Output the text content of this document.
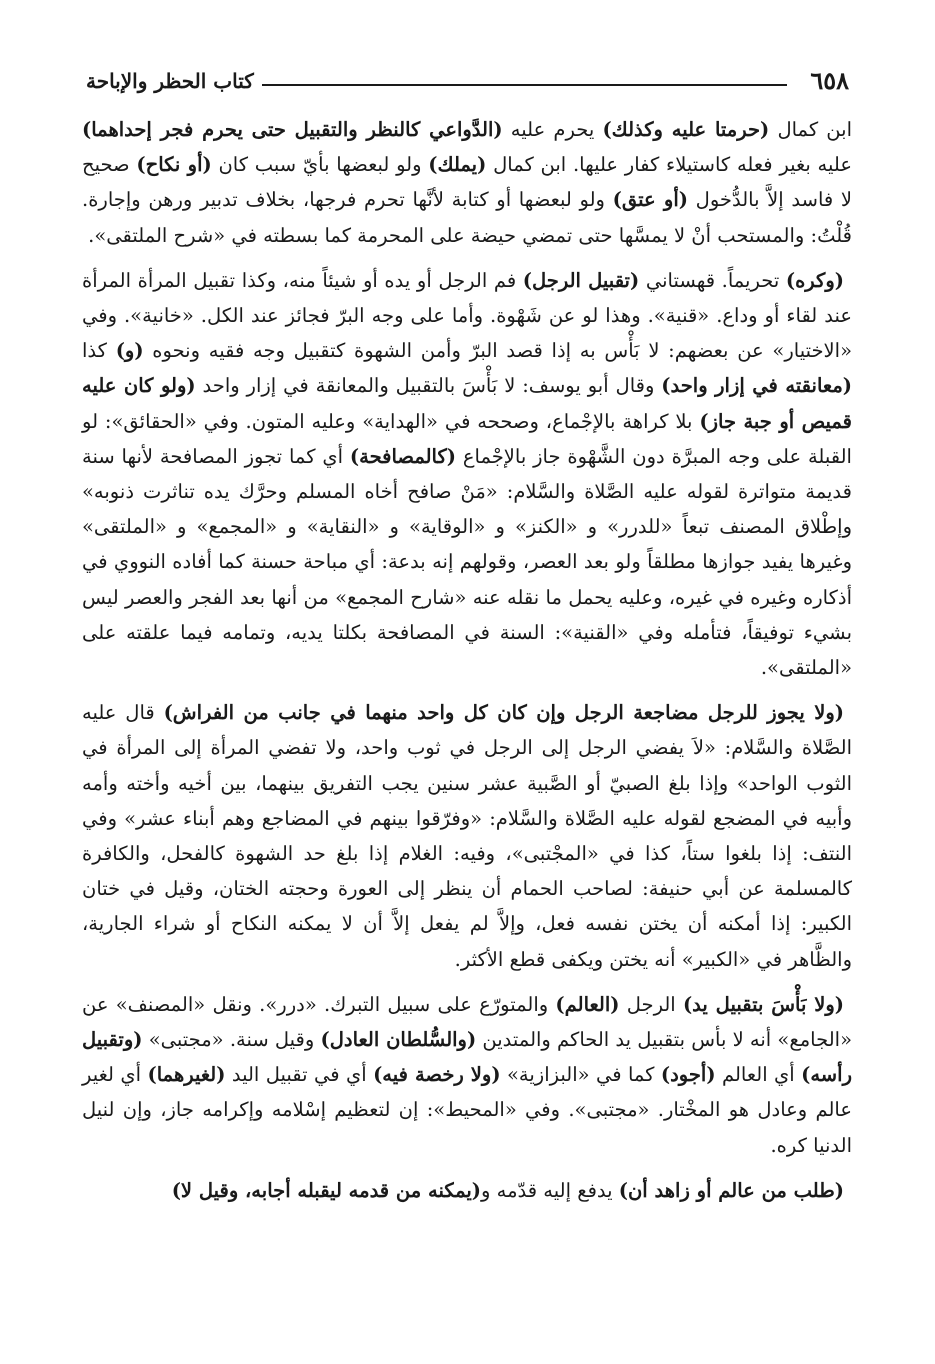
٦٥٨
كتاب الحظر والإباحة

ابن كمال (حرمتا عليه وكذلك) يحرم عليه (الدَّواعي كالنظر والتقبيل حتى يحرم فجر إحداهما) عليه بغير فعله كاستيلاء كفار عليها. ابن كمال (يملك) ولو لبعضها بأيّ سبب كان (أو نكاح) صحيح لا فاسد إلاَّ بالدُّخول (أو عتق) ولو لبعضها أو كتابة لأنَّها تحرم فرجها، بخلاف تدبير ورهن وإجارة. قُلْتُ: والمستحب أنْ لا يمسَّها حتى تمضي حيضة على المحرمة كما بسطته في «شرح الملتقى».

(وكره) تحريماً. قهستاني (تقبيل الرجل) فم الرجل أو يده أو شيئاً منه، وكذا تقبيل المرأة المرأة عند لقاء أو وداع. «قنية». وهذا لو عن شَهْوة. وأما على وجه البرّ فجائز عند الكل. «خانية». وفي «الاختيار» عن بعضهم: لا بَأْس به إذا قصد البرّ وأمن الشهوة كتقبيل وجه فقيه ونحوه (و) كذا (معانقته في إزار واحد) وقال أبو يوسف: لا بَأْسَ بالتقبيل والمعانقة في إزار واحد (ولو كان عليه قميص أو جبة جاز) بلا كراهة بالإجْماع، وصححه في «الهداية» وعليه المتون. وفي «الحقائق»: لو القبلة على وجه المبرَّة دون الشَّهْوة جاز بالإجْماع (كالمصافحة) أي كما تجوز المصافحة لأنها سنة قديمة متواترة لقوله عليه الصَّلاة والسَّلام: «مَنْ صافح أخاه المسلم وحرَّك يده تناثرت ذنوبه» وإطْلاق المصنف تبعاً «للدرر» و «الكنز» و «الوقاية» و «النقاية» و «المجمع» و «الملتقى» وغيرها يفيد جوازها مطلقاً ولو بعد العصر، وقولهم إنه بدعة: أي مباحة حسنة كما أفاده النووي في أذكاره وغيره في غيره، وعليه يحمل ما نقله عنه «شارح المجمع» من أنها بعد الفجر والعصر ليس بشيء توفيقاً، فتأمله وفي «القنية»: السنة في المصافحة بكلتا يديه، وتمامه فيما علقته على «الملتقى».

(ولا يجوز للرجل مضاجعة الرجل وإن كان كل واحد منهما في جانب من الفراش) قال عليه الصَّلاة والسَّلام: «لاَ يفضي الرجل إلى الرجل في ثوب واحد، ولا تفضي المرأة إلى المرأة في الثوب الواحد» وإذا بلغ الصبيّ أو الصَّبية عشر سنين يجب التفريق بينهما، بين أخيه وأخته وأمه وأبيه في المضجع لقوله عليه الصَّلاة والسَّلام: «وفرّقوا بينهم في المضاجع وهم أبناء عشر» وفي النتف: إذا بلغوا ستاً، كذا في «المجْتبى»، وفيه: الغلام إذا بلغ حد الشهوة كالفحل، والكافرة كالمسلمة عن أبي حنيفة: لصاحب الحمام أن ينظر إلى العورة وحجته الختان، وقيل في ختان الكبير: إذا أمكنه أن يختن نفسه فعل، وإلاَّ لم يفعل إلاَّ أن لا يمكنه النكاح أو شراء الجارية، والظَّاهر في «الكبير» أنه يختن ويكفى قطع الأكثر.

(ولا بَأْسَ بتقبيل يد) الرجل (العالم) والمتورّع على سبيل التبرك. «درر». ونقل «المصنف» عن «الجامع» أنه لا بأس بتقبيل يد الحاكم والمتدين (والسُّلطان العادل) وقيل سنة. «مجتبى» (وتقبيل رأسه) أي العالم (أجود) كما في «البزازية» (ولا رخصة فيه) أي في تقبيل اليد (لغيرهما) أي لغير عالم وعادل هو المخْتار. «مجتبى». وفي «المحيط»: إن لتعظيم إسْلامه وإكرامه جاز، وإن لنيل الدنيا كره.

(طلب من عالم أو زاهد أن) يدفع إليه قدّمه و(يمكنه من قدمه ليقبله أجابه، وقيل لا)
